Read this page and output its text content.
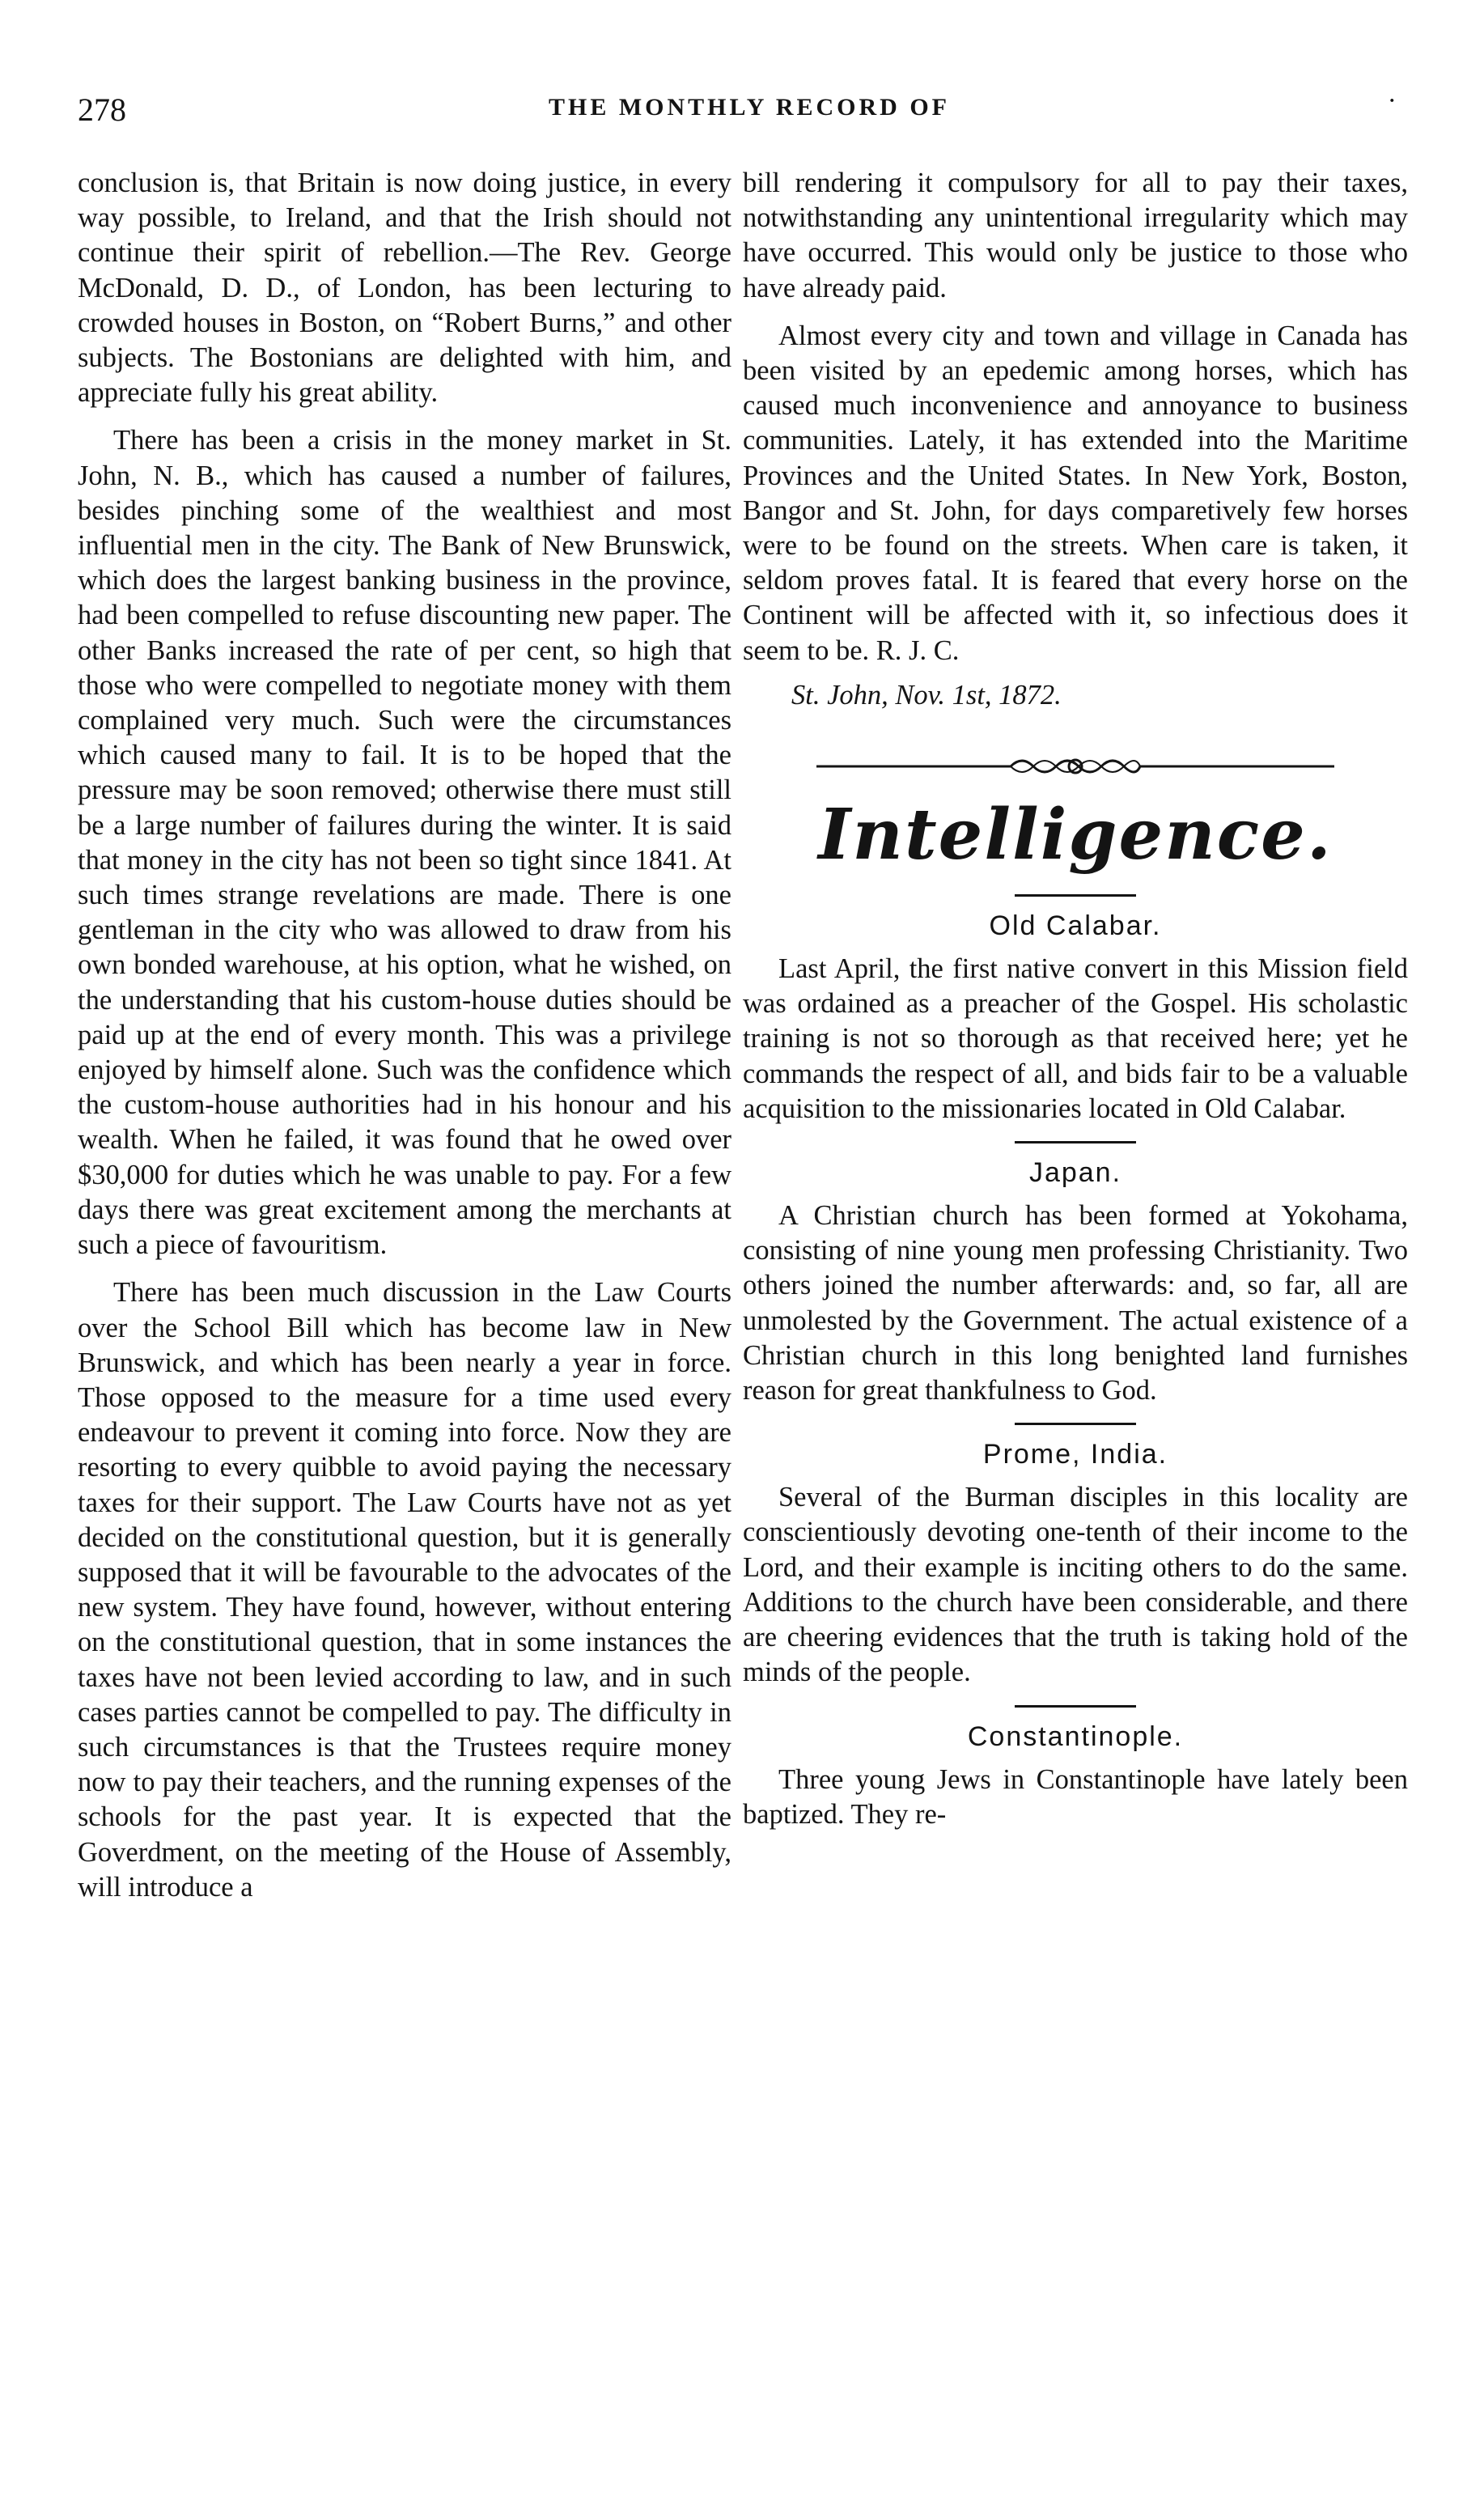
278	THE MONTHLY RECORD OF	·

conclusion is, that Britain is now doing justice, in every way possible, to Ireland, and that the Irish should not continue their spirit of rebellion.—The Rev. George McDonald, D. D., of London, has been lecturing to crowded houses in Boston, on “Robert Burns,” and other subjects. The Bostonians are delighted with him, and appreciate fully his great ability.

There has been a crisis in the money market in St. John, N. B., which has caused a number of failures, besides pinching some of the wealthiest and most influential men in the city. The Bank of New Brunswick, which does the largest banking business in the province, had been compelled to refuse discounting new paper. The other Banks increased the rate of per cent, so high that those who were compelled to negotiate money with them complained very much. Such were the circumstances which caused many to fail. It is to be hoped that the pressure may be soon removed; otherwise there must still be a large number of failures during the winter. It is said that money in the city has not been so tight since 1841. At such times strange revelations are made. There is one gentleman in the city who was allowed to draw from his own bonded warehouse, at his option, what he wished, on the understanding that his custom-house duties should be paid up at the end of every month. This was a privilege enjoyed by himself alone. Such was the confidence which the custom-house authorities had in his honour and his wealth. When he failed, it was found that he owed over $30,000 for duties which he was unable to pay. For a few days there was great excitement among the merchants at such a piece of favouritism.

There has been much discussion in the Law Courts over the School Bill which has become law in New Brunswick, and which has been nearly a year in force. Those opposed to the measure for a time used every endeavour to prevent it coming into force. Now they are resorting to every quibble to avoid paying the necessary taxes for their support. The Law Courts have not as yet decided on the constitutional question, but it is generally supposed that it will be favourable to the advocates of the new system. They have found, however, without entering on the constitutional question, that in some instances the taxes have not been levied according to law, and in such cases parties cannot be compelled to pay. The difficulty in such circumstances is that the Trustees require money now to pay their teachers, and the running expenses of the schools for the past year. It is expected that the Goverdment, on the meeting of the House of Assembly, will introduce a

bill rendering it compulsory for all to pay their taxes, notwithstanding any unintentional irregularity which may have occurred. This would only be justice to those who have already paid.

Almost every city and town and village in Canada has been visited by an epedemic among horses, which has caused much inconvenience and annoyance to business communities. Lately, it has extended into the Maritime Provinces and the United States. In New York, Boston, Bangor and St. John, for days comparetively few horses were to be found on the streets. When care is taken, it seldom proves fatal. It is feared that every horse on the Continent will be affected with it, so infectious does it seem to be. R. J. C.

St. John, Nov. 1st, 1872.
Intelligence.
Old Calabar.

Last April, the first native convert in this Mission field was ordained as a preacher of the Gospel. His scholastic training is not so thorough as that received here; yet he commands the respect of all, and bids fair to be a valuable acquisition to the missionaries located in Old Calabar.

Japan.

A Christian church has been formed at Yokohama, consisting of nine young men professing Christianity. Two others joined the number afterwards: and, so far, all are unmolested by the Government. The actual existence of a Christian church in this long benighted land furnishes reason for great thankfulness to God.

Prome, India.

Several of the Burman disciples in this locality are conscientiously devoting one-tenth of their income to the Lord, and their example is inciting others to do the same. Additions to the church have been considerable, and there are cheering evidences that the truth is taking hold of the minds of the people.

Constantinople.

Three young Jews in Constantinople have lately been baptized. They re-
